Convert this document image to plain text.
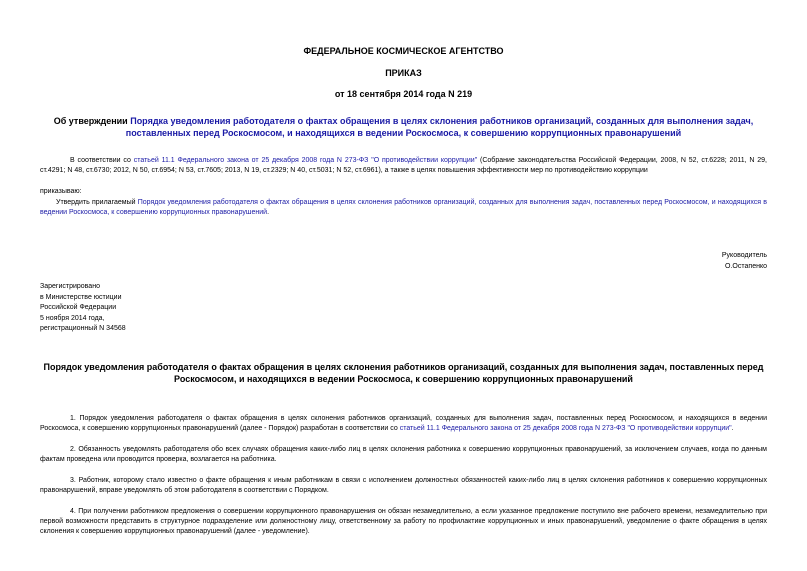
ФЕДЕРАЛЬНОЕ КОСМИЧЕСКОЕ АГЕНТСТВО
ПРИКАЗ
от 18 сентября 2014 года N 219
Об утверждении Порядка уведомления работодателя о фактах обращения в целях склонения работников организаций, созданных для выполнения задач, поставленных перед Роскосмосом, и находящихся в ведении Роскосмоса, к совершению коррупционных правонарушений
В соответствии со статьей 11.1 Федерального закона от 25 декабря 2008 года N 273-ФЗ "О противодействии коррупции" (Собрание законодательства Российской Федерации, 2008, N 52, ст.6228; 2011, N 29, ст.4291; N 48, ст.6730; 2012, N 50, ст.6954; N 53, ст.7605; 2013, N 19, ст.2329; N 40, ст.5031; N 52, ст.6961), а также в целях повышения эффективности мер по противодействию коррупции
приказываю:
Утвердить прилагаемый Порядок уведомления работодателя о фактах обращения в целях склонения работников организаций, созданных для выполнения задач, поставленных перед Роскосмосом, и находящихся в ведении Роскосмоса, к совершению коррупционных правонарушений.
Руководитель
О.Остапенко
Зарегистрировано
в Министерстве юстиции
Российской Федерации
5 ноября 2014 года,
регистрационный N 34568
Порядок уведомления работодателя о фактах обращения в целях склонения работников организаций, созданных для выполнения задач, поставленных перед Роскосмосом, и находящихся в ведении Роскосмоса, к совершению коррупционных правонарушений
1. Порядок уведомления работодателя о фактах обращения в целях склонения работников организаций, созданных для выполнения задач, поставленных перед Роскосмосом, и находящихся в ведении Роскосмоса, к совершению коррупционных правонарушений (далее - Порядок) разработан в соответствии со статьей 11.1 Федерального закона от 25 декабря 2008 года N 273-ФЗ "О противодействии коррупции".
2. Обязанность уведомлять работодателя обо всех случаях обращения каких-либо лиц в целях склонения работника к совершению коррупционных правонарушений, за исключением случаев, когда по данным фактам проведена или проводится проверка, возлагается на работника.
3. Работник, которому стало известно о факте обращения к иным работникам в связи с исполнением должностных обязанностей каких-либо лиц в целях склонения работников к совершению коррупционных правонарушений, вправе уведомлять об этом работодателя в соответствии с Порядком.
4. При получении работником предложения о совершении коррупционного правонарушения он обязан незамедлительно, а если указанное предложение поступило вне рабочего времени, незамедлительно при первой возможности представить в структурное подразделение или должностному лицу, ответственному за работу по профилактике коррупционных и иных правонарушений, уведомление о факте обращения в целях склонения к совершению коррупционных правонарушений (далее - уведомление).
